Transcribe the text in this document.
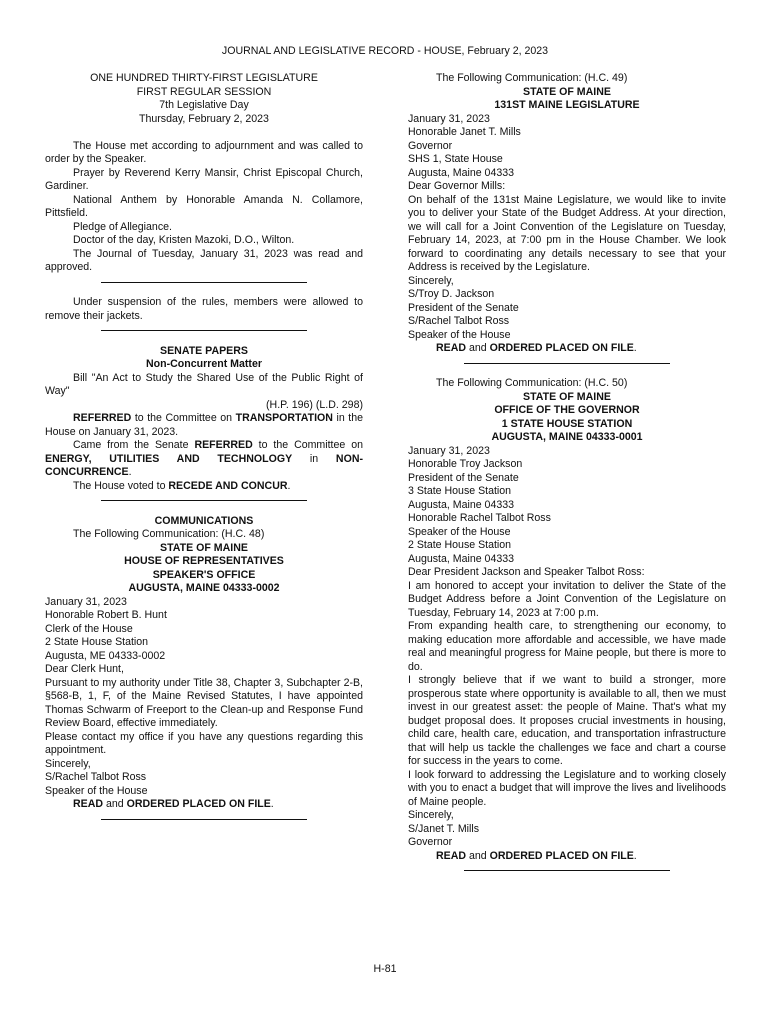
JOURNAL AND LEGISLATIVE RECORD - HOUSE, February 2, 2023
ONE HUNDRED THIRTY-FIRST LEGISLATURE
FIRST REGULAR SESSION
7th Legislative Day
Thursday, February 2, 2023

The House met according to adjournment and was called to order by the Speaker.

Prayer by Reverend Kerry Mansir, Christ Episcopal Church, Gardiner.

National Anthem by Honorable Amanda N. Collamore, Pittsfield.

Pledge of Allegiance.

Doctor of the day, Kristen Mazoki, D.O., Wilton.

The Journal of Tuesday, January 31, 2023 was read and approved.

Under suspension of the rules, members were allowed to remove their jackets.

SENATE PAPERS
Non-Concurrent Matter

Bill "An Act to Study the Shared Use of the Public Right of Way"

(H.P. 196) (L.D. 298)

REFERRED to the Committee on TRANSPORTATION in the House on January 31, 2023.

Came from the Senate REFERRED to the Committee on ENERGY, UTILITIES AND TECHNOLOGY in NON-CONCURRENCE.

The House voted to RECEDE AND CONCUR.

COMMUNICATIONS

The Following Communication: (H.C. 48)

STATE OF MAINE
HOUSE OF REPRESENTATIVES
SPEAKER'S OFFICE
AUGUSTA, MAINE 04333-0002
January 31, 2023
Honorable Robert B. Hunt
Clerk of the House
2 State House Station
Augusta, ME 04333-0002
Dear Clerk Hunt,

Pursuant to my authority under Title 38, Chapter 3, Subchapter 2-B, §568-B, 1, F, of the Maine Revised Statutes, I have appointed Thomas Schwarm of Freeport to the Clean-up and Response Fund Review Board, effective immediately.

Please contact my office if you have any questions regarding this appointment.

Sincerely,
S/Rachel Talbot Ross
Speaker of the House

READ and ORDERED PLACED ON FILE.

The Following Communication: (H.C. 49)

STATE OF MAINE
131ST MAINE LEGISLATURE
January 31, 2023
Honorable Janet T. Mills
Governor
SHS 1, State House
Augusta, Maine 04333
Dear Governor Mills:

On behalf of the 131st Maine Legislature, we would like to invite you to deliver your State of the Budget Address. At your direction, we will call for a Joint Convention of the Legislature on Tuesday, February 14, 2023, at 7:00 pm in the House Chamber. We look forward to coordinating any details necessary to see that your Address is received by the Legislature.

Sincerely,
S/Troy D. Jackson
President of the Senate
S/Rachel Talbot Ross
Speaker of the House

READ and ORDERED PLACED ON FILE.

The Following Communication: (H.C. 50)

STATE OF MAINE
OFFICE OF THE GOVERNOR
1 STATE HOUSE STATION
AUGUSTA, MAINE 04333-0001
January 31, 2023
Honorable Troy Jackson
President of the Senate
3 State House Station
Augusta, Maine 04333
Honorable Rachel Talbot Ross
Speaker of the House
2 State House Station
Augusta, Maine 04333
Dear President Jackson and Speaker Talbot Ross:

I am honored to accept your invitation to deliver the State of the Budget Address before a Joint Convention of the Legislature on Tuesday, February 14, 2023 at 7:00 p.m.

From expanding health care, to strengthening our economy, to making education more affordable and accessible, we have made real and meaningful progress for Maine people, but there is more to do.

I strongly believe that if we want to build a stronger, more prosperous state where opportunity is available to all, then we must invest in our greatest asset: the people of Maine. That's what my budget proposal does. It proposes crucial investments in housing, child care, health care, education, and transportation infrastructure that will help us tackle the challenges we face and chart a course for success in the years to come.

I look forward to addressing the Legislature and to working closely with you to enact a budget that will improve the lives and livelihoods of Maine people.

Sincerely,
S/Janet T. Mills
Governor

READ and ORDERED PLACED ON FILE.

H-81
